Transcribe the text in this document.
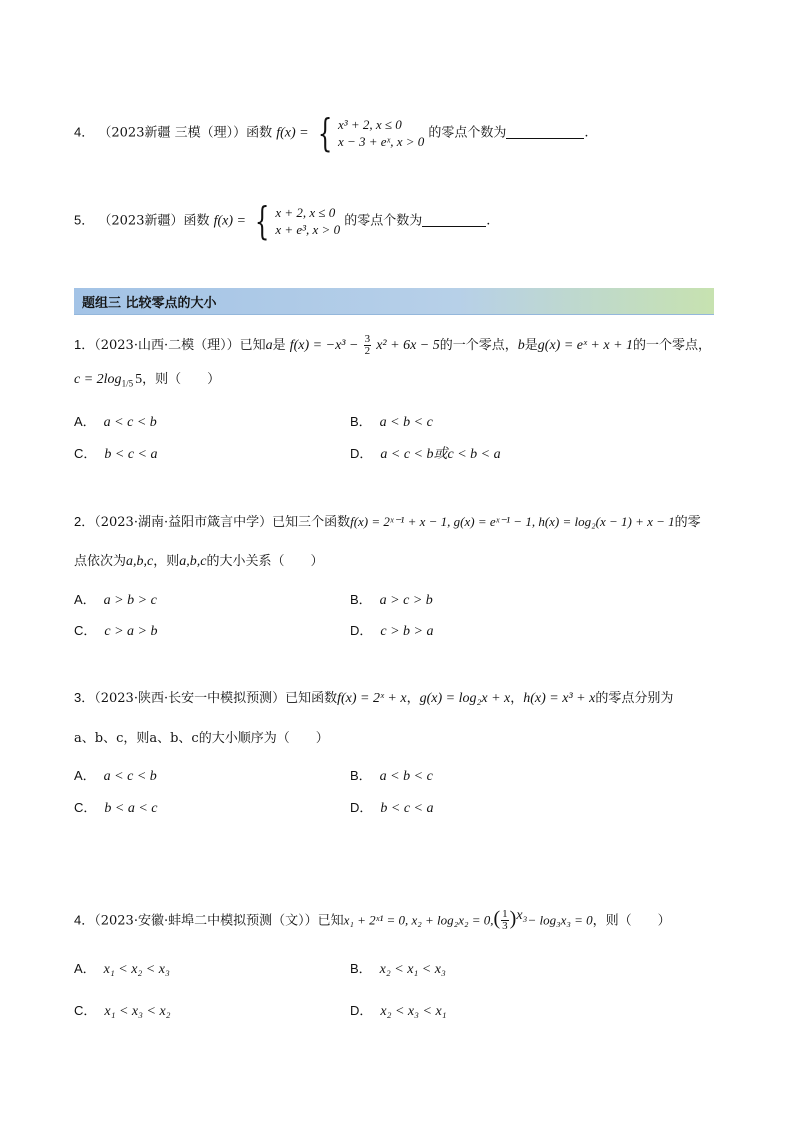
4． （2023新疆 三模（理））函数 f(x) = { x³ + 2, x ≤ 0
x − 3 + eˣ, x > 0
的零点个数为	.
5． （2023新疆）函数 f(x) = { x + 2, x ≤ 0
x + e³, x > 0
的零点个数为	.
题组三 比较零点的大小
1．（2023·山西·二模（理））已知a是 $f(x) = -x^3 - \frac{3}{2} x^2 + 6x - 5$的一个零点，b是g(x) = eˣ + x + 1的一个零点，
$c = 2\log_{1/5}$ 5，则（　　）
A． a < c < b	B． a < b < c
C． b < c < a	D． a < c < b或c < b < a
2．（2023·湖南·益阳市箴言中学）已知三个函数f(x) = 2ˣ⁻¹ + x − 1, g(x) = eˣ⁻¹ − 1, h(x) = log₂(x − 1) + x − 1的零
点依次为a,b,c，则a,b,c的大小关系（　　）
A． a > b > c	B． a > c > b
C． c > a > b	D． c > b > a
3．（2023·陕西·长安一中模拟预测）已知函数f(x) = 2ˣ + x，g(x) = log₂x + x，h(x) = x³ + x的零点分别为
a、b、c，则a、b、c的大小顺序为（　　）
A． a < c < b	B． a < b < c
C． b < a < c	D． b < c < a
4．（2023·安徽·蚌埠二中模拟预测（文））已知x₁ + 2ˣ¹ = 0, $x_2 + \log_2x_2 = 0,( \frac{1}{3} )^{x_3}- \log_3x_3 = 0$，则（　　）
A． x₁ < x₂ < x₃	B． x₂ < x₁ < x₃
C． x₁ < x₃ < x₂	D． x₂ < x₃ < x₁
